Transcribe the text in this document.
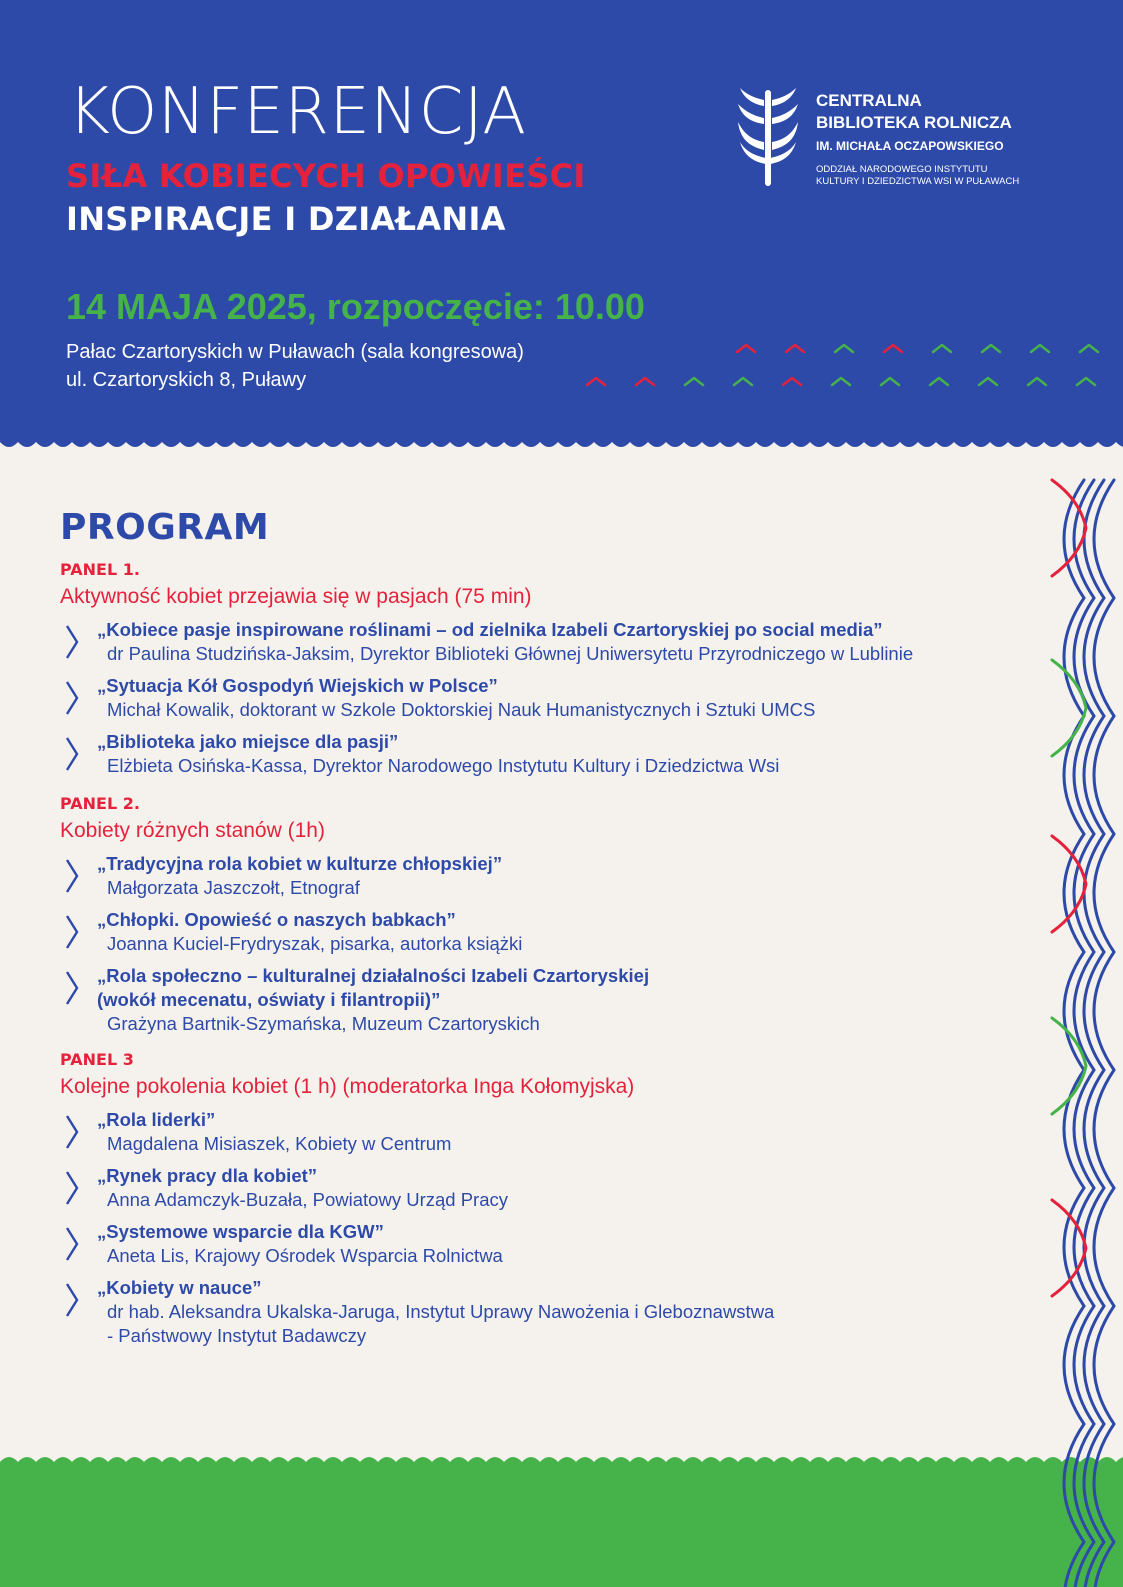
KONFERENCJA
SIŁA KOBIECYCH OPOWIEŚCI
INSPIRACJE I DZIAŁANIA
14 MAJA 2025, rozpoczęcie: 10.00
Pałac Czartoryskich w Puławach (sala kongresowa)
ul. Czartoryskich 8, Puławy
CENTRALNA
BIBLIOTEKA ROLNICZA
IM. MICHAŁA OCZAPOWSKIEGO
ODDZIAŁ NARODOWEGO INSTYTUTU
KULTURY I DZIEDZICTWA WSI W PUŁAWACH
PROGRAM
PANEL 1.
Aktywność kobiet przejawia się w pasjach (75 min)
„Kobiece pasje inspirowane roślinami – od zielnika Izabeli Czartoryskiej po social media”
dr Paulina Studzińska-Jaksim, Dyrektor Biblioteki Głównej Uniwersytetu Przyrodniczego w Lublinie
„Sytuacja Kół Gospodyń Wiejskich w Polsce”
Michał Kowalik, doktorant w Szkole Doktorskiej Nauk Humanistycznych i Sztuki UMCS
„Biblioteka jako miejsce dla pasji”
Elżbieta Osińska-Kassa, Dyrektor Narodowego Instytutu Kultury i Dziedzictwa Wsi
PANEL 2.
Kobiety różnych stanów (1h)
„Tradycyjna rola kobiet w kulturze chłopskiej”
Małgorzata Jaszczołt, Etnograf
„Chłopki. Opowieść o naszych babkach”
Joanna Kuciel-Frydryszak, pisarka, autorka książki
„Rola społeczno – kulturalnej działalności Izabeli Czartoryskiej
(wokół mecenatu, oświaty i filantropii)”
Grażyna Bartnik-Szymańska, Muzeum Czartoryskich
PANEL 3
Kolejne pokolenia kobiet (1 h) (moderatorka Inga Kołomyjska)
„Rola liderki”
Magdalena Misiaszek, Kobiety w Centrum
„Rynek pracy dla kobiet”
Anna Adamczyk-Buzała, Powiatowy Urząd Pracy
„Systemowe wsparcie dla KGW”
Aneta Lis, Krajowy Ośrodek Wsparcia Rolnictwa
„Kobiety w nauce”
dr hab. Aleksandra Ukalska-Jaruga, Instytut Uprawy Nawożenia i Gleboznawstwa
- Państwowy Instytut Badawczy
